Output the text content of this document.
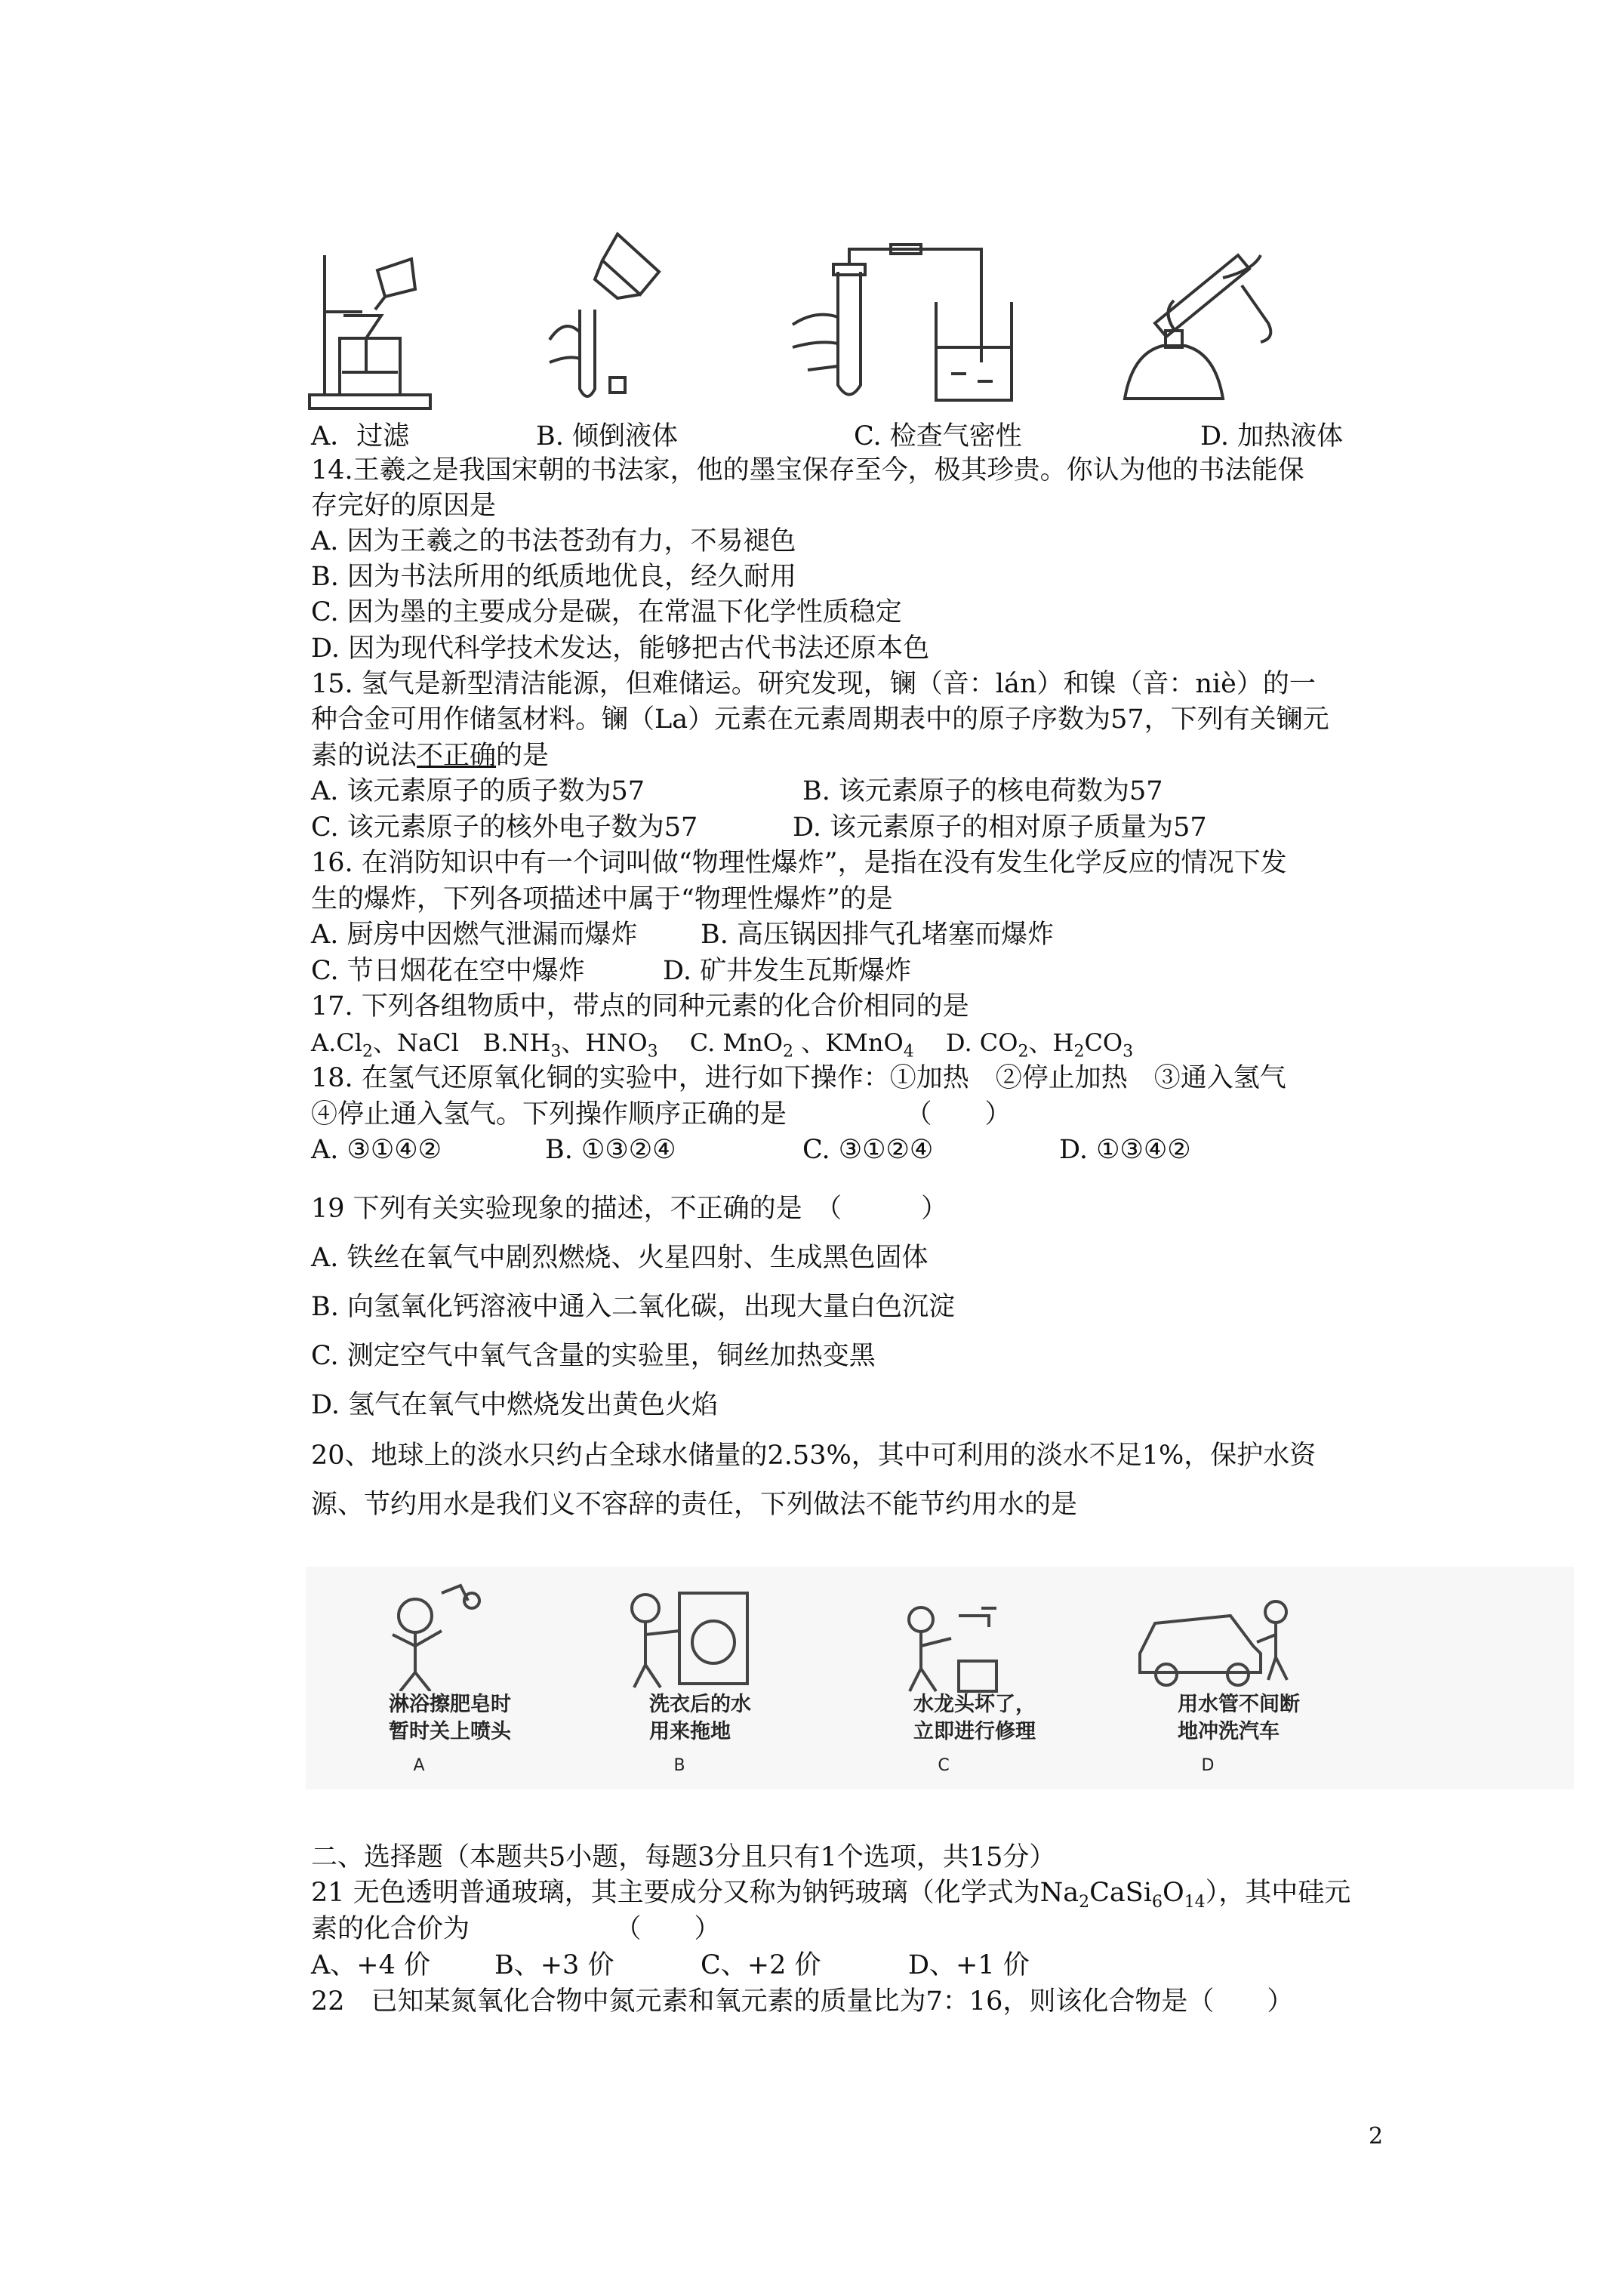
A．过滤	B. 倾倒液体	C. 检查气密性	D. 加热液体
14.王羲之是我国宋朝的书法家，他的墨宝保存至今，极其珍贵。你认为他的书法能保
存完好的原因是
A. 因为王羲之的书法苍劲有力，不易褪色
B. 因为书法所用的纸质地优良，经久耐用
C. 因为墨的主要成分是碳，在常温下化学性质稳定
D. 因为现代科学技术发达，能够把古代书法还原本色
15. 氢气是新型清洁能源，但难储运。研究发现，镧（音：lán）和镍（音：niè）的一
种合金可用作储氢材料。镧（La）元素在元素周期表中的原子序数为57，下列有关镧元
素的说法不正确的是
A. 该元素原子的质子数为57	B. 该元素原子的核电荷数为57
C. 该元素原子的核外电子数为57	D. 该元素原子的相对原子质量为57
16. 在消防知识中有一个词叫做“物理性爆炸”，是指在没有发生化学反应的情况下发
生的爆炸，下列各项描述中属于“物理性爆炸”的是
A. 厨房中因燃气泄漏而爆炸 B. 高压锅因排气孔堵塞而爆炸
C. 节日烟花在空中爆炸	D. 矿井发生瓦斯爆炸
17. 下列各组物质中，带点的同种元素的化合价相同的是
$A.Cl_2$、NaCl　$B.NH_3$、$HNO_3$　 C. MnO$_2$ 、KMnO$_4$　 D. $CO_2$、$H_2CO_3$
18. 在氢气还原氧化铜的实验中，进行如下操作：①加热　②停止加热　③通入氢气
④停止通入氢气。下列操作顺序正确的是　　　　　（　　）
A. ③①④②	B. ①③②④	C. ③①②④	D. ①③④②
19 下列有关实验现象的描述，不正确的是　（　　　）
A. 铁丝在氧气中剧烈燃烧、火星四射、生成黑色固体
B. 向氢氧化钙溶液中通入二氧化碳，出现大量白色沉淀
C. 测定空气中氧气含量的实验里，铜丝加热变黑
D. 氢气在氧气中燃烧发出黄色火焰
20、地球上的淡水只约占全球水储量的2.53%，其中可利用的淡水不足1%，保护水资
源、节约用水是我们义不容辞的责任，下列做法不能节约用水的是
淋浴擦肥皂时
暂时关上喷头
A
洗衣后的水
用来拖地
B
水龙头坏了，
立即进行修理
C
用水管不间断
地冲洗汽车
D
二、选择题（本题共5小题，每题3分且只有1个选项，共15分）
21 无色透明普通玻璃，其主要成分又称为钠钙玻璃（化学式为$Na_2CaSi_6O_{14}$），其中硅元
素的化合价为　　　　　　（　　）
A、+4 价 B、+3 价	C、+2 价	D、+1 价
22　已知某氮氧化合物中氮元素和氧元素的质量比为7：16，则该化合物是（　　）
2
